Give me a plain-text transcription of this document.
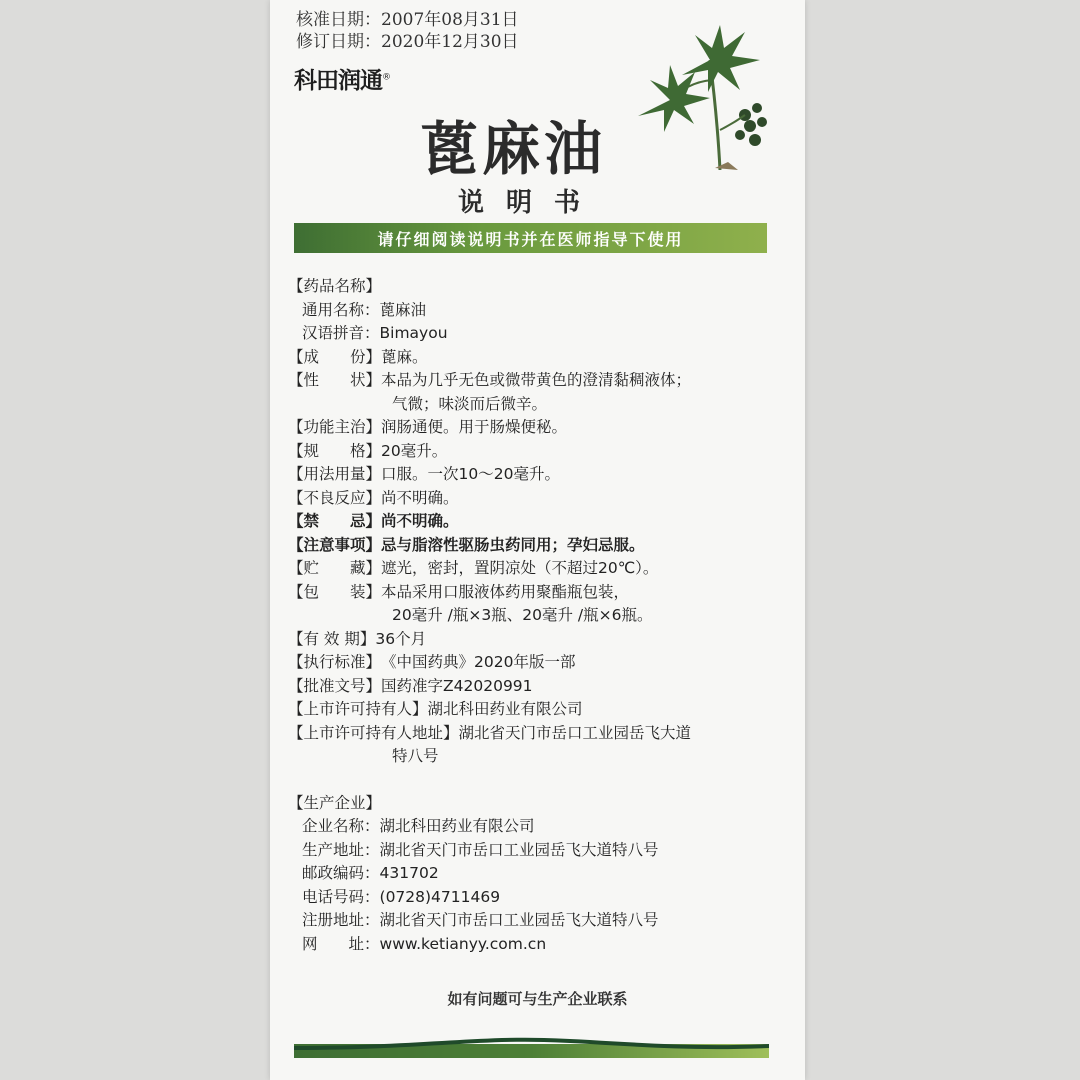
核准日期：2007年08月31日
修订日期：2020年12月30日
科田润通®
蓖麻油
说明书
请仔细阅读说明书并在医师指导下使用
【药品名称】
通用名称： 蓖麻油
汉语拼音： Bimayou
【成　　份】 蓖麻。
【性　　状】 本品为几乎无色或微带黄色的澄清黏稠液体；
气微；味淡而后微辛。
【功能主治】 润肠通便。用于肠燥便秘。
【规　　格】 20毫升。
【用法用量】 口服。一次10～20毫升。
【不良反应】 尚不明确。
【禁　　忌】 尚不明确。
【注意事项】 忌与脂溶性驱肠虫药同用；孕妇忌服。
【贮　　藏】 遮光，密封，置阴凉处（不超过20℃）。
【包　　装】 本品采用口服液体药用聚酯瓶包装，
20毫升 /瓶×3瓶、20毫升 /瓶×6瓶。
【有 效 期】 36个月
【执行标准】 《中国药典》2020年版一部
【批准文号】 国药准字Z42020991
【上市许可持有人】 湖北科田药业有限公司
【上市许可持有人地址】 湖北省天门市岳口工业园岳飞大道
特八号
【生产企业】
企业名称： 湖北科田药业有限公司
生产地址： 湖北省天门市岳口工业园岳飞大道特八号
邮政编码： 431702
电话号码： (0728)4711469
注册地址： 湖北省天门市岳口工业园岳飞大道特八号
网　　址： www.ketianyy.com.cn
如有问题可与生产企业联系
